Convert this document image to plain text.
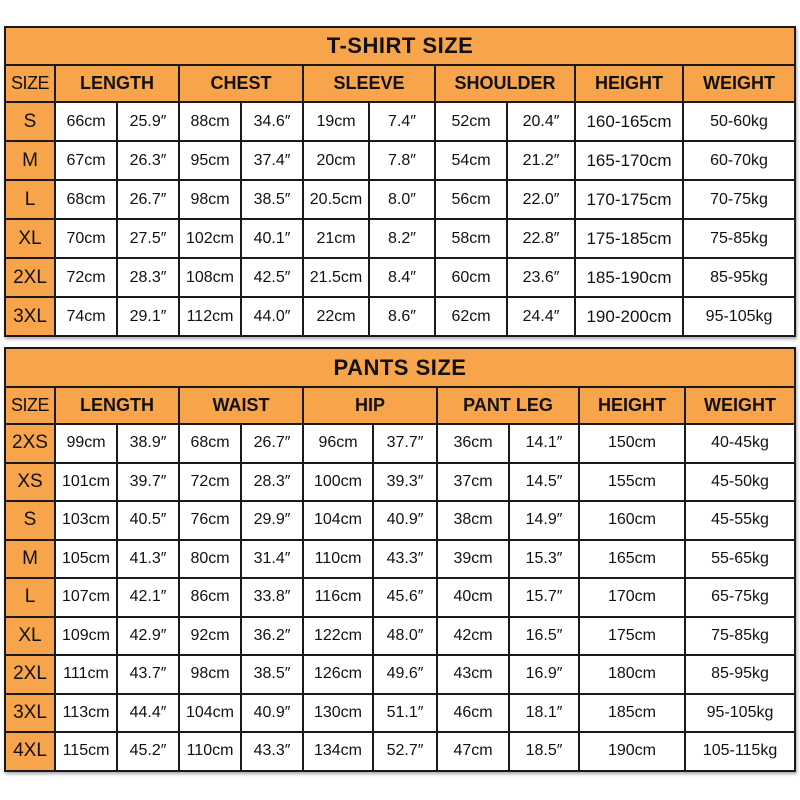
T-SHIRT SIZE										
SIZE	LENGTH		CHEST		SLEEVE		SHOULDER		HEIGHT	WEIGHT
S	66cm	25.9″	88cm	34.6″	19cm	7.4″	52cm	20.4″	160-165cm	50-60kg
M	67cm	26.3″	95cm	37.4″	20cm	7.8″	54cm	21.2″	165-170cm	60-70kg
L	68cm	26.7″	98cm	38.5″	20.5cm	8.0″	56cm	22.0″	170-175cm	70-75kg
XL	70cm	27.5″	102cm	40.1″	21cm	8.2″	58cm	22.8″	175-185cm	75-85kg
2XL	72cm	28.3″	108cm	42.5″	21.5cm	8.4″	60cm	23.6″	185-190cm	85-95kg
3XL	74cm	29.1″	112cm	44.0″	22cm	8.6″	62cm	24.4″	190-200cm	95-105kg
PANTS SIZE										
SIZE	LENGTH		WAIST		HIP		PANT LEG		HEIGHT	WEIGHT
2XS	99cm	38.9″	68cm	26.7″	96cm	37.7″	36cm	14.1″	150cm	40-45kg
XS	101cm	39.7″	72cm	28.3″	100cm	39.3″	37cm	14.5″	155cm	45-50kg
S	103cm	40.5″	76cm	29.9″	104cm	40.9″	38cm	14.9″	160cm	45-55kg
M	105cm	41.3″	80cm	31.4″	110cm	43.3″	39cm	15.3″	165cm	55-65kg
L	107cm	42.1″	86cm	33.8″	116cm	45.6″	40cm	15.7″	170cm	65-75kg
XL	109cm	42.9″	92cm	36.2″	122cm	48.0″	42cm	16.5″	175cm	75-85kg
2XL	111cm	43.7″	98cm	38.5″	126cm	49.6″	43cm	16.9″	180cm	85-95kg
3XL	113cm	44.4″	104cm	40.9″	130cm	51.1″	46cm	18.1″	185cm	95-105kg
4XL	115cm	45.2″	110cm	43.3″	134cm	52.7″	47cm	18.5″	190cm	105-115kg
